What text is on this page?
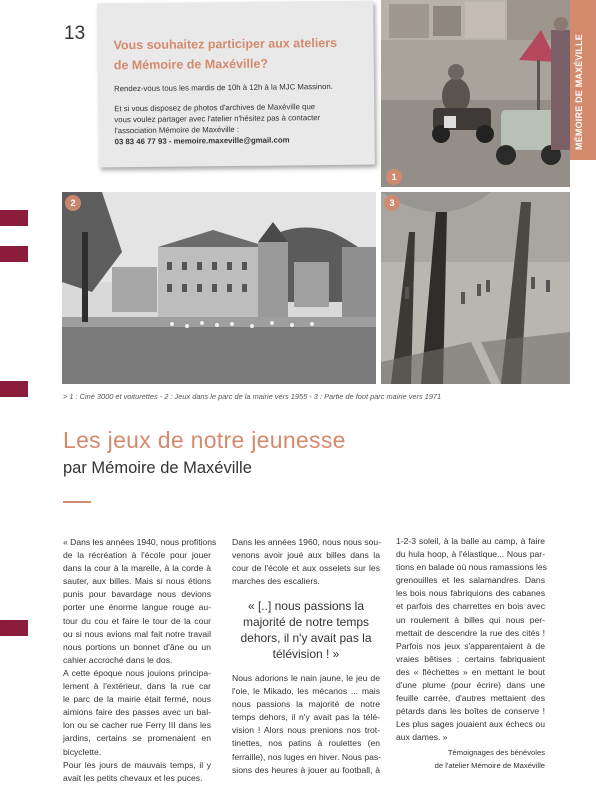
13
Vous souhaitez participer aux ateliers
de Mémoire de Maxéville?
Rendez-vous tous les mardis de 10h à 12h à la MJC Massinon.
Et si vous disposez de photos d'archives de Maxéville que
vous voulez partager avec l'atelier n'hésitez pas à contacter
l'association Mémoire de Maxéville :
03 83 46 77 93 - memoire.maxeville@gmail.com
1
MÉMOIRE DE MAXÉVILLE
2	3
> 1 : Ciné 3000 et voiturettes - 2 : Jeux dans le parc de la mairie vers 1955 - 3 : Partie de foot parc mairie vers 1971
Les jeux de notre jeunesse
par Mémoire de Maxéville
« Dans les années 1940, nous profitions
de la récréation à l'école pour jouer
dans la cour à la marelle, à la corde à
sauter, aux billes. Mais si nous étions
punis pour bavardage nous devions
porter une énorme langue rouge au-
tour du cou et faire le tour de la cour
ou si nous avions mal fait notre travail
nous portions un bonnet d'âne ou un
cahier accroché dans le dos.
A cette époque nous jouions principa-
lement à l'extérieur, dans la rue car
le parc de la mairie était fermé, nous
aimions faire des passes avec un bal-
lon ou se cacher rue Ferry III dans les
jardins, certains se promenaient en
bicyclette.
Pour les jours de mauvais temps, il y
avait les petits chevaux et les puces.
Dans les années 1960, nous nous sou-
venons avoir joué aux billes dans la
cour de l'école et aux osselets sur les
marches des escaliers.
« [..] nous passions la
majorité de notre temps
dehors, il n'y avait pas la
télévision ! »
Nous adorions le nain jaune, le jeu de
l'oie, le Mikado, les mécanos ... mais
nous passions la majorité de notre
temps dehors, il n'y avait pas la télé-
vision ! Alors nous prenions nos trot-
tinettes, nos patins à roulettes (en
ferraille), nos luges en hiver. Nous pas-
sions des heures à jouer au football, à
1-2-3 soleil, à la balle au camp, à faire
du hula hoop, à l'élastique... Nous par-
tions en balade où nous ramassions les
grenouilles et les salamandres. Dans
les bois nous fabriquions des cabanes
et parfois des charrettes en bois avec
un roulement à billes qui nous per-
mettait de descendre la rue des cités !
Parfois nos jeux s'apparentaient à de
vraies bêtises : certains fabriquaient
des « fléchettes » en mettant le bout
d'une plume (pour écrire) dans une
feuille carrée, d'autres mettaient des
pétards dans les boîtes de conserve !
Les plus sages jouaient aux échecs ou
aux dames. »
Témoignages des bénévoles
de l'atelier Mémoire de Maxéville
